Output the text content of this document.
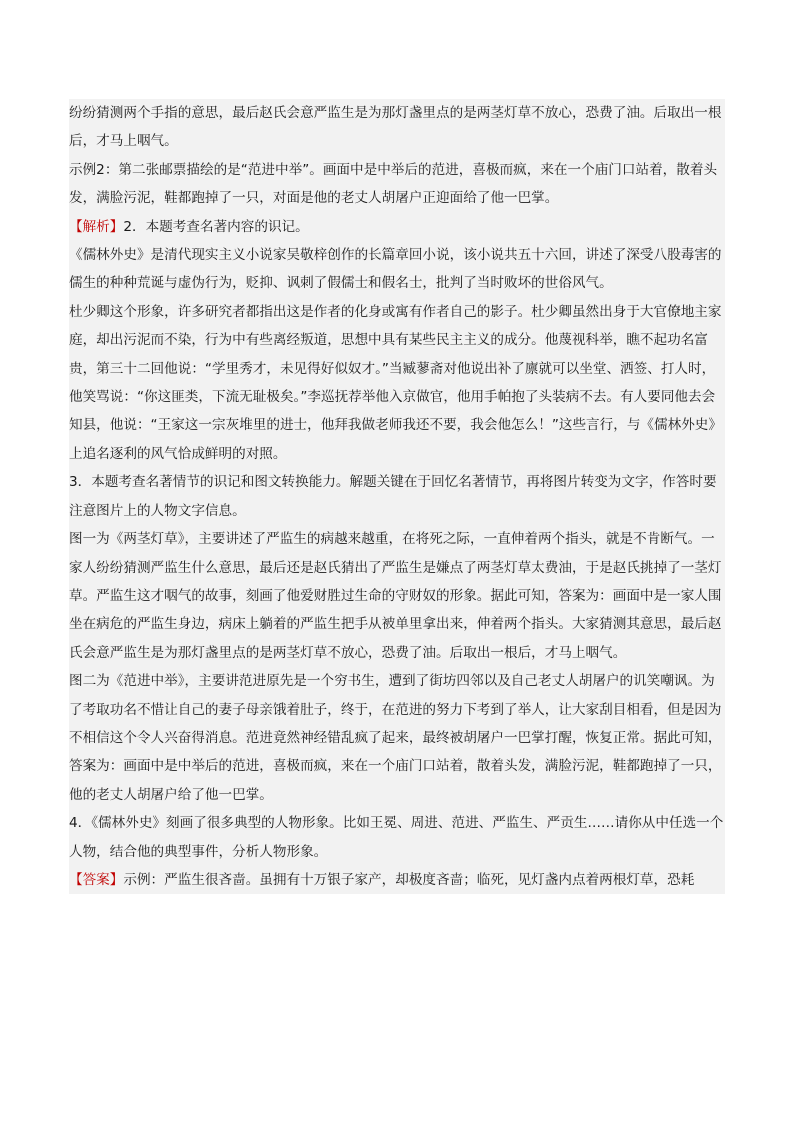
纷纷猜测两个手指的意思，最后赵氏会意严监生是为那灯盏里点的是两茎灯草不放心，恐费了油。后取出一根后，才马上咽气。

示例2：第二张邮票描绘的是“范进中举”。画面中是中举后的范进，喜极而疯，来在一个庙门口站着，散着头发，满脸污泥，鞋都跑掉了一只，对面是他的老丈人胡屠户正迎面给了他一巴掌。

【解析】2．本题考查名著内容的识记。

《儒林外史》是清代现实主义小说家吴敬梓创作的长篇章回小说，该小说共五十六回，讲述了深受八股毒害的儒生的种种荒诞与虚伪行为，贬抑、讽刺了假儒士和假名士，批判了当时败坏的世俗风气。

杜少卿这个形象，许多研究者都指出这是作者的化身或寓有作者自己的影子。杜少卿虽然出身于大官僚地主家庭，却出污泥而不染，行为中有些离经叛道，思想中具有某些民主主义的成分。他蔑视科举，瞧不起功名富贵，第三十二回他说：“学里秀才，未见得好似奴才。”当臧蓼斋对他说出补了廪就可以坐堂、洒签、打人时，他笑骂说：“你这匪类，下流无耻极矣。”李巡抚荐举他入京做官，他用手帕抱了头装病不去。有人要同他去会知县，他说：“王家这一宗灰堆里的进士，他拜我做老师我还不要，我会他怎么！”这些言行，与《儒林外史》上追名逐利的风气恰成鲜明的对照。

3．本题考查名著情节的识记和图文转换能力。解题关键在于回忆名著情节，再将图片转变为文字，作答时要注意图片上的人物文字信息。

图一为《两茎灯草》，主要讲述了严监生的病越来越重，在将死之际，一直伸着两个指头，就是不肯断气。一家人纷纷猜测严监生什么意思，最后还是赵氏猜出了严监生是嫌点了两茎灯草太费油，于是赵氏挑掉了一茎灯草。严监生这才咽气的故事，刻画了他爱财胜过生命的守财奴的形象。据此可知，答案为：画面中是一家人围坐在病危的严监生身边，病床上躺着的严监生把手从被单里拿出来，伸着两个指头。大家猜测其意思，最后赵氏会意严监生是为那灯盏里点的是两茎灯草不放心，恐费了油。后取出一根后，才马上咽气。

图二为《范进中举》，主要讲范进原先是一个穷书生，遭到了街坊四邻以及自己老丈人胡屠户的讥笑嘲讽。为了考取功名不惜让自己的妻子母亲饿着肚子，终于，在范进的努力下考到了举人，让大家刮目相看，但是因为不相信这个令人兴奋得消息。范进竟然神经错乱疯了起来，最终被胡屠户一巴掌打醒，恢复正常。据此可知，答案为：画面中是中举后的范进，喜极而疯，来在一个庙门口站着，散着头发，满脸污泥，鞋都跑掉了一只，他的老丈人胡屠户给了他一巴掌。

4．《儒林外史》刻画了很多典型的人物形象。比如王冕、周进、范进、严监生、严贡生……请你从中任选一个人物，结合他的典型事件，分析人物形象。

【答案】示例：严监生很吝啬。虽拥有十万银子家产，却极度吝啬；临死，见灯盏内点着两根灯草，恐耗
